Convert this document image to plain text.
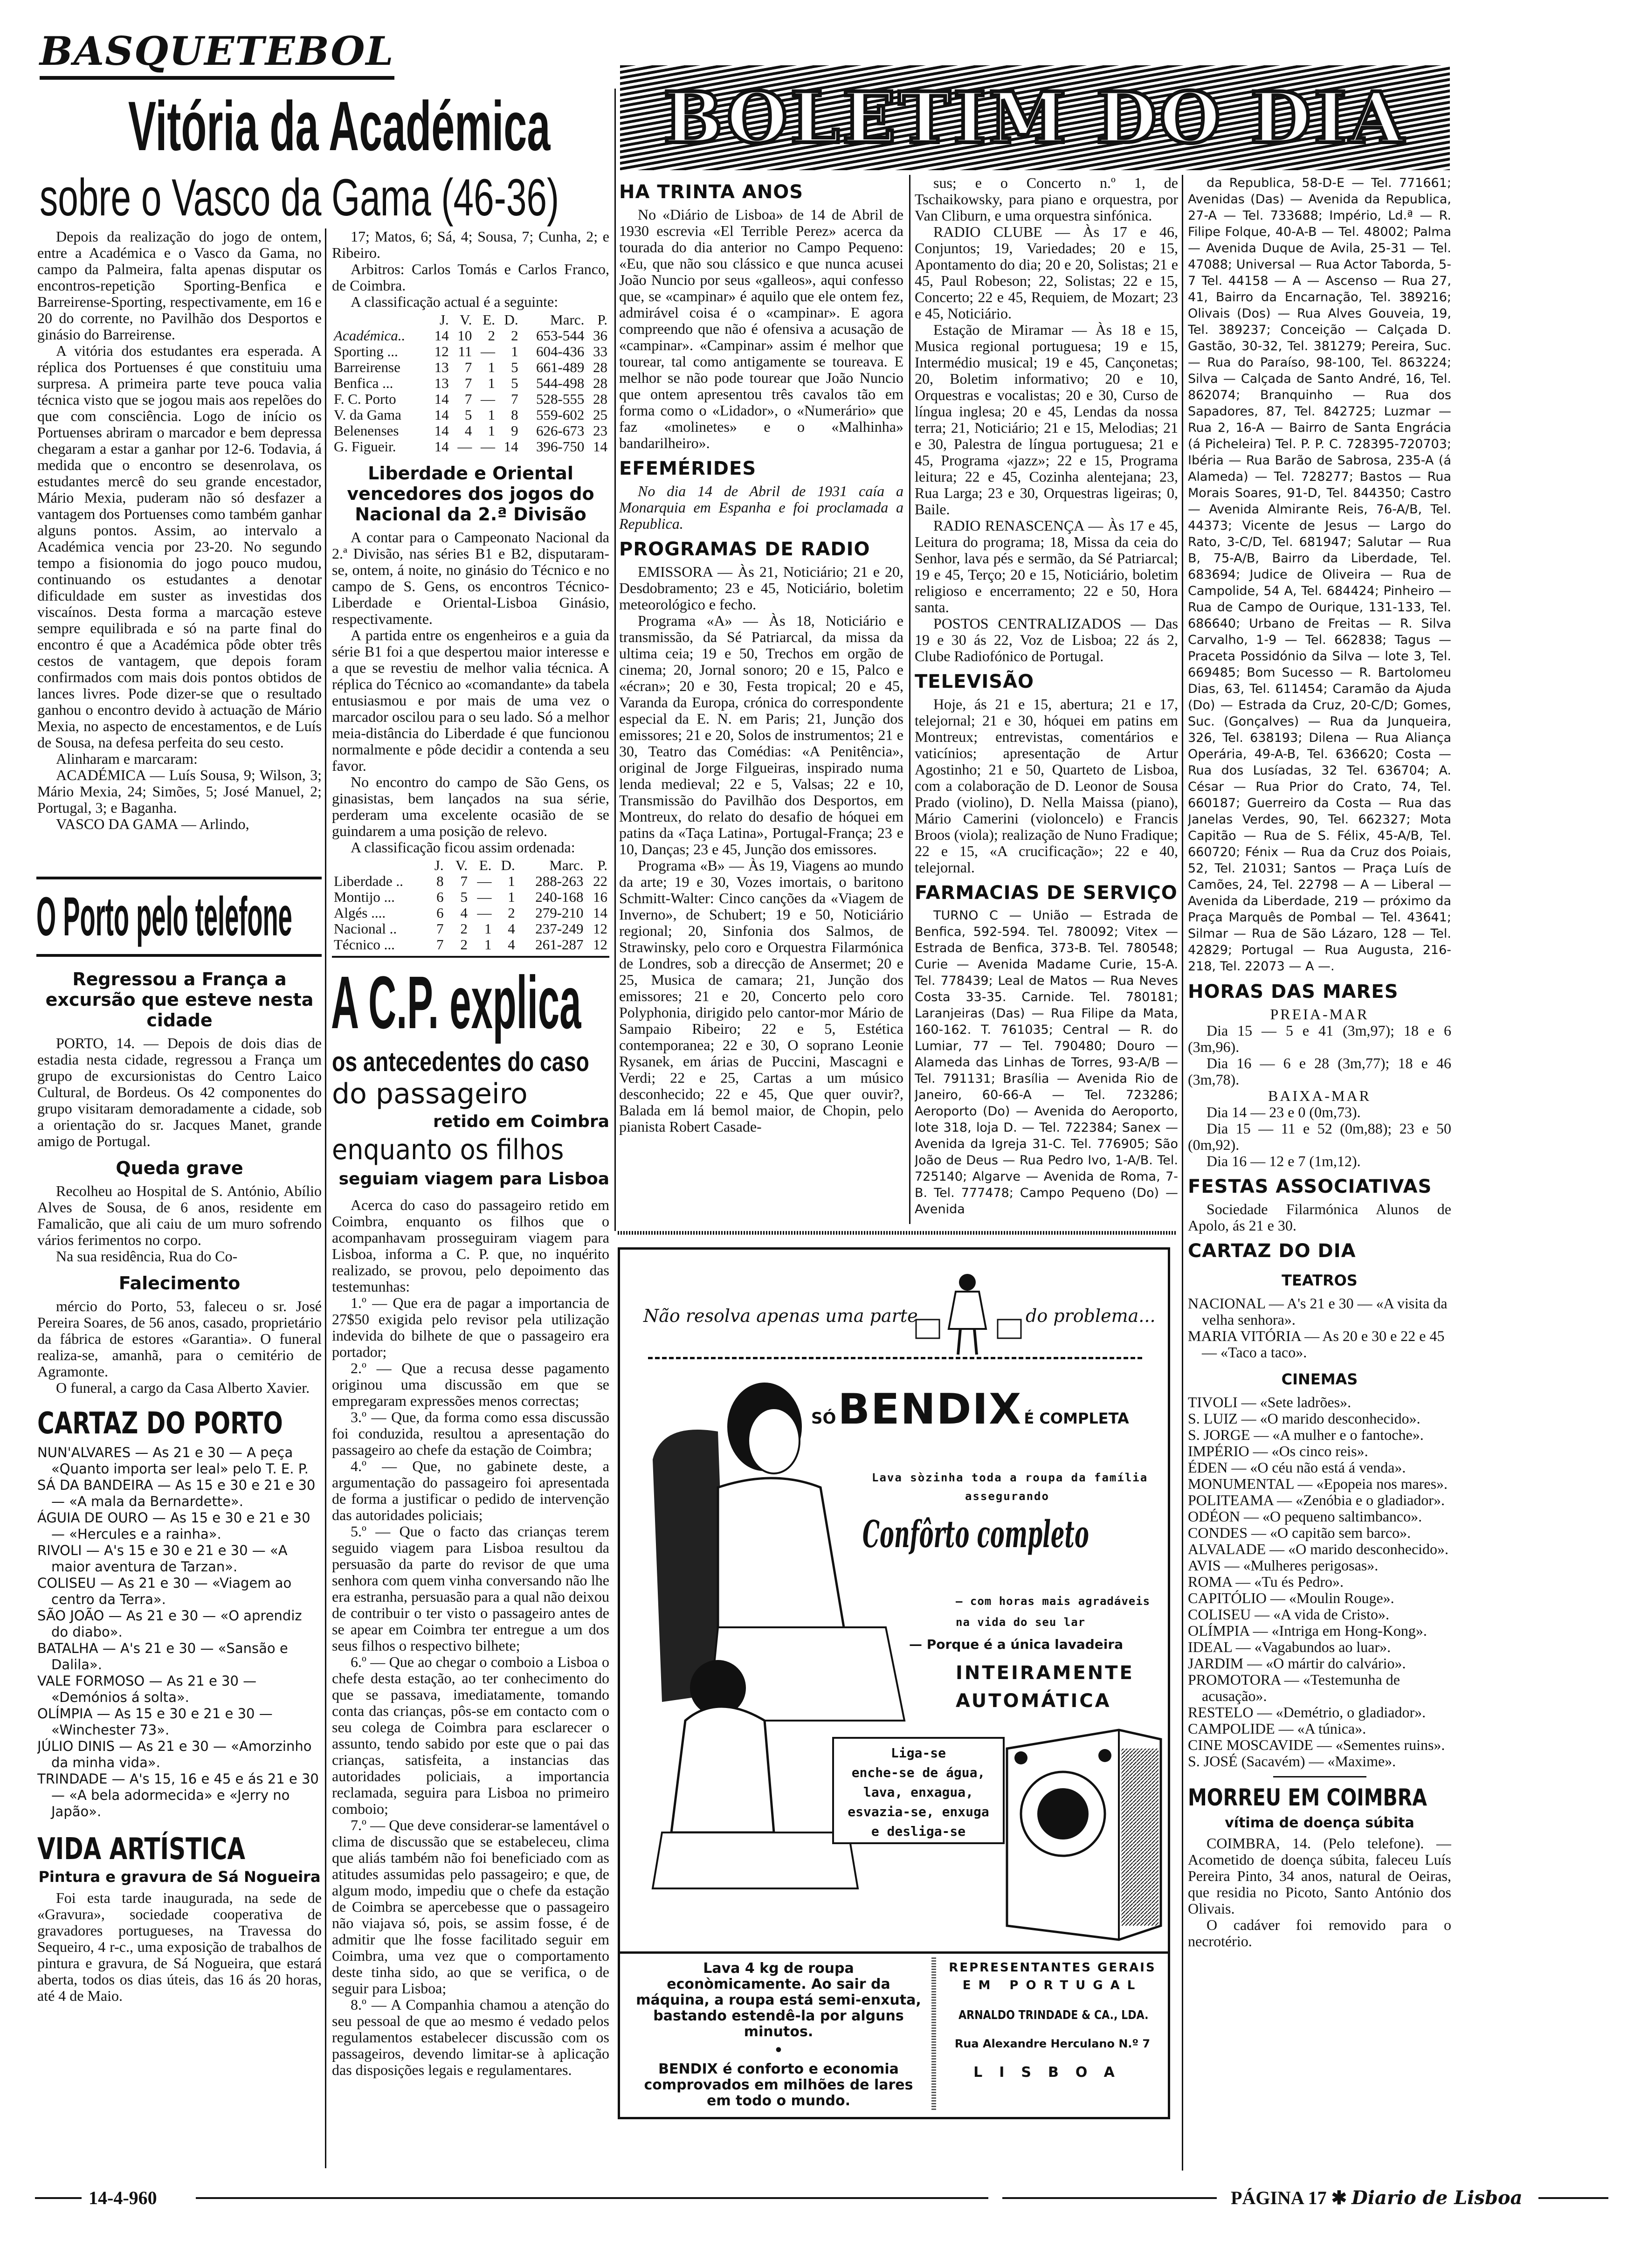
BASQUETEBOL
Vitória da Académica
sobre o Vasco da Gama (46-36)

Depois da realização do jogo de ontem, entre a Académica e o Vasco da Gama, no campo da Palmeira, falta apenas disputar os encontros-repetição Sporting-Benfica e Barreirense-Sporting, respectivamente, em 16 e 20 do corrente, no Pavilhão dos Desportos e ginásio do Barreirense.

A vitória dos estudantes era esperada. A réplica dos Portuenses é que constituiu uma surpresa. A primeira parte teve pouca valia técnica visto que se jogou mais aos repelões do que com consciência. Logo de início os Portuenses abriram o marcador e bem depressa chegaram a estar a ganhar por 12-6. Todavia, á medida que o encontro se desenrolava, os estudantes mercê do seu grande encestador, Mário Mexia, puderam não só desfazer a vantagem dos Portuenses como também ganhar alguns pontos. Assim, ao intervalo a Académica vencia por 23-20. No segundo tempo a fisionomia do jogo pouco mudou, continuando os estudantes a denotar dificuldade em suster as investidas dos viscaínos. Desta forma a marcação esteve sempre equilibrada e só na parte final do encontro é que a Académica pôde obter três cestos de vantagem, que depois foram confirmados com mais dois pontos obtidos de lances livres. Pode dizer-se que o resultado ganhou o encontro devido à actuação de Mário Mexia, no aspecto de encestamentos, e de Luís de Sousa, na defesa perfeita do seu cesto.

Alinharam e marcaram:

ACADÉMICA — Luís Sousa, 9; Wilson, 3; Mário Mexia, 24; Simões, 5; José Manuel, 2; Portugal, 3; e Baganha.

VASCO DA GAMA — Arlindo,

17; Matos, 6; Sá, 4; Sousa, 7; Cunha, 2; e Ribeiro.

Arbitros: Carlos Tomás e Carlos Franco, de Coimbra.

A classificação actual é a seguinte:

	J.	V.	E.	D.	Marc.	P.
Académica..	14	10	2	2	653-544	36
Sporting ...	12	11	—	1	604-436	33
Barreirense	13	7	1	5	661-489	28
Benfica ...	13	7	1	5	544-498	28
F. C. Porto	14	7	—	7	528-555	28
V. da Gama	14	5	1	8	559-602	25
Belenenses	14	4	1	9	626-673	23
G. Figueir.	14	—	—	14	396-750	14
Liberdade e Oriental vencedores dos jogos do Nacional da 2.ª Divisão

A contar para o Campeonato Nacional da 2.ª Divisão, nas séries B1 e B2, disputaram-se, ontem, á noite, no ginásio do Técnico e no campo de S. Gens, os encontros Técnico-Liberdade e Oriental-Lisboa Ginásio, respectivamente.

A partida entre os engenheiros e a guia da série B1 foi a que despertou maior interesse e a que se revestiu de melhor valia técnica. A réplica do Técnico ao «comandante» da tabela entusiasmou e por mais de uma vez o marcador oscilou para o seu lado. Só a melhor meia-distância do Liberdade é que funcionou normalmente e pôde decidir a contenda a seu favor.

No encontro do campo de São Gens, os ginasistas, bem lançados na sua série, perderam uma excelente ocasião de se guindarem a uma posição de relevo.

A classificação ficou assim ordenada:

	J.	V.	E.	D.	Marc.	P.
Liberdade ..	8	7	—	1	288-263	22
Montijo ...	6	5	—	1	240-168	16
Algés ....	6	4	—	2	279-210	14
Nacional ..	7	2	1	4	237-249	12
Técnico ...	7	2	1	4	261-287	12

O Porto pelo telefone
Regressou a França a excursão que esteve nesta cidade

PORTO, 14. — Depois de dois dias de estadia nesta cidade, regressou a França um grupo de excursionistas do Centro Laico Cultural, de Bordeus. Os 42 componentes do grupo visitaram demoradamente a cidade, sob a orientação do sr. Jacques Manet, grande amigo de Portugal.

Queda grave

Recolheu ao Hospital de S. António, Abílio Alves de Sousa, de 6 anos, residente em Famalicão, que ali caiu de um muro sofrendo vários ferimentos no corpo.

Na sua residência, Rua do Co-

Falecimento

mércio do Porto, 53, faleceu o sr. José Pereira Soares, de 56 anos, casado, proprietário da fábrica de estores «Garantia». O funeral realiza-se, amanhã, para o cemitério de Agramonte.

O funeral, a cargo da Casa Alberto Xavier.

CARTAZ DO PORTO

NUN'ALVARES — As 21 e 30 — A peça «Quanto importa ser leal» pelo T. E. P.

SÁ DA BANDEIRA — As 15 e 30 e 21 e 30 — «A mala da Bernardette».

ÁGUIA DE OURO — As 15 e 30 e 21 e 30 — «Hercules e a rainha».

RIVOLI — A's 15 e 30 e 21 e 30 — «A maior aventura de Tarzan».

COLISEU — As 21 e 30 — «Viagem ao centro da Terra».

SÃO JOÃO — As 21 e 30 — «O aprendiz do diabo».

BATALHA — A's 21 e 30 — «Sansão e Dalila».

VALE FORMOSO — As 21 e 30 — «Demónios á solta».

OLÍMPIA — As 15 e 30 e 21 e 30 — «Winchester 73».

JÚLIO DINIS — As 21 e 30 — «Amorzinho da minha vida».

TRINDADE — A's 15, 16 e 45 e ás 21 e 30 — «A bela adormecida» e «Jerry no Japão».

VIDA ARTÍSTICA
Pintura e gravura de Sá Nogueira

Foi esta tarde inaugurada, na sede de «Gravura», sociedade cooperativa de gravadores portugueses, na Travessa do Sequeiro, 4 r-c., uma exposição de trabalhos de pintura e gravura, de Sá Nogueira, que estará aberta, todos os dias úteis, das 16 ás 20 horas, até 4 de Maio.

A C.P. explica
os antecedentes do caso
do passageiro
retido em Coimbra
enquanto os filhos
seguiam viagem para Lisboa

Acerca do caso do passageiro retido em Coimbra, enquanto os filhos que o acompanhavam prosseguiram viagem para Lisboa, informa a C. P. que, no inquérito realizado, se provou, pelo depoimento das testemunhas:

1.º — Que era de pagar a importancia de 27$50 exigida pelo revisor pela utilização indevida do bilhete de que o passageiro era portador;

2.º — Que a recusa desse pagamento originou uma discussão em que se empregaram expressões menos correctas;

3.º — Que, da forma como essa discussão foi conduzida, resultou a apresentação do passageiro ao chefe da estação de Coimbra;

4.º — Que, no gabinete deste, a argumentação do passageiro foi apresentada de forma a justificar o pedido de intervenção das autoridades policiais;

5.º — Que o facto das crianças terem seguido viagem para Lisboa resultou da persuasão da parte do revisor de que uma senhora com quem vinha conversando não lhe era estranha, persuasão para a qual não deixou de contribuir o ter visto o passageiro antes de se apear em Coimbra ter entregue a um dos seus filhos o respectivo bilhete;

6.º — Que ao chegar o comboio a Lisboa o chefe desta estação, ao ter conhecimento do que se passava, imediatamente, tomando conta das crianças, pôs-se em contacto com o seu colega de Coimbra para esclarecer o assunto, tendo sabido por este que o pai das crianças, satisfeita, a instancias das autoridades policiais, a importancia reclamada, seguira para Lisboa no primeiro comboio;

7.º — Que deve considerar-se lamentável o clima de discussão que se estabeleceu, clima que aliás também não foi beneficiado com as atitudes assumidas pelo passageiro; e que, de algum modo, impediu que o chefe da estação de Coimbra se apercebesse que o passageiro não viajava só, pois, se assim fosse, é de admitir que lhe fosse facilitado seguir em Coimbra, uma vez que o comportamento deste tinha sido, ao que se verifica, o de seguir para Lisboa;

8.º — A Companhia chamou a atenção do seu pessoal de que ao mesmo é vedado pelos regulamentos estabelecer discussão com os passageiros, devendo limitar-se à aplicação das disposições legais e regulamentares.

BOLETIM DO DIA
HA TRINTA ANOS

No «Diário de Lisboa» de 14 de Abril de 1930 escrevia «El Terrible Perez» acerca da tourada do dia anterior no Campo Pequeno: «Eu, que não sou clássico e que nunca acusei João Nuncio por seus «galleos», aqui confesso que, se «campinar» é aquilo que ele ontem fez, admirável coisa é o «campinar». E agora compreendo que não é ofensiva a acusação de «campinar». «Campinar» assim é melhor que tourear, tal como antigamente se toureava. E melhor se não pode tourear que João Nuncio que ontem apresentou três cavalos tão em forma como o «Lidador», o «Numerário» que faz «molinetes» e o «Malhinha» bandarilheiro».

EFEMÉRIDES

No dia 14 de Abril de 1931 caía a Monarquia em Espanha e foi proclamada a Republica.

PROGRAMAS DE RADIO

EMISSORA — Às 21, Noticiário; 21 e 20, Desdobramento; 23 e 45, Noticiário, boletim meteorológico e fecho.

Programa «A» — Às 18, Noticiário e transmissão, da Sé Patriarcal, da missa da ultima ceia; 19 e 50, Trechos em orgão de cinema; 20, Jornal sonoro; 20 e 15, Palco e «écran»; 20 e 30, Festa tropical; 20 e 45, Varanda da Europa, crónica do correspondente especial da E. N. em Paris; 21, Junção dos emissores; 21 e 20, Solos de instrumentos; 21 e 30, Teatro das Comédias: «A Penitência», original de Jorge Filgueiras, inspirado numa lenda medieval; 22 e 5, Valsas; 22 e 10, Transmissão do Pavilhão dos Desportos, em Montreux, do relato do desafio de hóquei em patins da «Taça Latina», Portugal-França; 23 e 10, Danças; 23 e 45, Junção dos emissores.

Programa «B» — Às 19, Viagens ao mundo da arte; 19 e 30, Vozes imortais, o baritono Schmitt-Walter: Cinco canções da «Viagem de Inverno», de Schubert; 19 e 50, Noticiário regional; 20, Sinfonia dos Salmos, de Strawinsky, pelo coro e Orquestra Filarmónica de Londres, sob a direcção de Ansermet; 20 e 25, Musica de camara; 21, Junção dos emissores; 21 e 20, Concerto pelo coro Polyphonia, dirigido pelo cantor-mor Mário de Sampaio Ribeiro; 22 e 5, Estética contemporanea; 22 e 30, O soprano Leonie Rysanek, em árias de Puccini, Mascagni e Verdi; 22 e 25, Cartas a um músico desconhecido; 22 e 45, Que quer ouvir?, Balada em lá bemol maior, de Chopin, pelo pianista Robert Casade-

sus; e o Concerto n.º 1, de Tschaikowsky, para piano e orquestra, por Van Cliburn, e uma orquestra sinfónica.

RADIO CLUBE — Às 17 e 46, Conjuntos; 19, Variedades; 20 e 15, Apontamento do dia; 20 e 20, Solistas; 21 e 45, Paul Robeson; 22, Solistas; 22 e 15, Concerto; 22 e 45, Requiem, de Mozart; 23 e 45, Noticiário.

Estação de Miramar — Às 18 e 15, Musica regional portuguesa; 19 e 15, Intermédio musical; 19 e 45, Cançonetas; 20, Boletim informativo; 20 e 10, Orquestras e vocalistas; 20 e 30, Curso de língua inglesa; 20 e 45, Lendas da nossa terra; 21, Noticiário; 21 e 15, Melodias; 21 e 30, Palestra de língua portuguesa; 21 e 45, Programa «jazz»; 22 e 15, Programa leitura; 22 e 45, Cozinha alentejana; 23, Rua Larga; 23 e 30, Orquestras ligeiras; 0, Baile.

RADIO RENASCENÇA — Às 17 e 45, Leitura do programa; 18, Missa da ceia do Senhor, lava pés e sermão, da Sé Patriarcal; 19 e 45, Terço; 20 e 15, Noticiário, boletim religioso e encerramento; 22 e 50, Hora santa.

POSTOS CENTRALIZADOS — Das 19 e 30 ás 22, Voz de Lisboa; 22 ás 2, Clube Radiofónico de Portugal.

TELEVISÃO

Hoje, ás 21 e 15, abertura; 21 e 17, telejornal; 21 e 30, hóquei em patins em Montreux; entrevistas, comentários e vaticínios; apresentação de Artur Agostinho; 21 e 50, Quarteto de Lisboa, com a colaboração de D. Leonor de Sousa Prado (violino), D. Nella Maissa (piano), Mário Camerini (violoncelo) e Francis Broos (viola); realização de Nuno Fradique; 22 e 15, «A crucificação»; 22 e 40, telejornal.

FARMACIAS DE SERVIÇO

TURNO C — União — Estrada de Benfica, 592-594. Tel. 780092; Vitex — Estrada de Benfica, 373-B. Tel. 780548; Curie — Avenida Madame Curie, 15-A. Tel. 778439; Leal de Matos — Rua Neves Costa 33-35. Carnide. Tel. 780181; Laranjeiras (Das) — Rua Filipe da Mata, 160-162. T. 761035; Central — R. do Lumiar, 77 — Tel. 790480; Douro — Alameda das Linhas de Torres, 93-A/B — Tel. 791131; Brasília — Avenida Rio de Janeiro, 60-66-A — Tel. 723286; Aeroporto (Do) — Avenida do Aeroporto, lote 318, loja D. — Tel. 722384; Sanex — Avenida da Igreja 31-C. Tel. 776905; São João de Deus — Rua Pedro Ivo, 1-A/B. Tel. 725140; Algarve — Avenida de Roma, 7-B. Tel. 777478; Campo Pequeno (Do) — Avenida

da Republica, 58-D-E — Tel. 771661; Avenidas (Das) — Avenida da Republica, 27-A — Tel. 733688; Império, Ld.ª — R. Filipe Folque, 40-A-B — Tel. 48002; Palma — Avenida Duque de Avila, 25-31 — Tel. 47088; Universal — Rua Actor Taborda, 5-7 Tel. 44158 — A — Ascenso — Rua 27, 41, Bairro da Encarnação, Tel. 389216; Olivais (Dos) — Rua Alves Gouveia, 19, Tel. 389237; Conceição — Calçada D. Gastão, 30-32, Tel. 381279; Pereira, Suc. — Rua do Paraíso, 98-100, Tel. 863224; Silva — Calçada de Santo André, 16, Tel. 862074; Branquinho — Rua dos Sapadores, 87, Tel. 842725; Luzmar — Rua 2, 16-A — Bairro de Santa Engrácia (á Picheleira) Tel. P. P. C. 728395-720703; Ibéria — Rua Barão de Sabrosa, 235-A (á Alameda) — Tel. 728277; Bastos — Rua Morais Soares, 91-D, Tel. 844350; Castro — Avenida Almirante Reis, 76-A/B, Tel. 44373; Vicente de Jesus — Largo do Rato, 3-C/D, Tel. 681947; Salutar — Rua B, 75-A/B, Bairro da Liberdade, Tel. 683694; Judice de Oliveira — Rua de Campolide, 54 A, Tel. 684424; Pinheiro — Rua de Campo de Ourique, 131-133, Tel. 686640; Urbano de Freitas — R. Silva Carvalho, 1-9 — Tel. 662838; Tagus — Praceta Possidónio da Silva — lote 3, Tel. 669485; Bom Sucesso — R. Bartolomeu Dias, 63, Tel. 611454; Caramão da Ajuda (Do) — Estrada da Cruz, 20-C/D; Gomes, Suc. (Gonçalves) — Rua da Junqueira, 326, Tel. 638193; Dilena — Rua Aliança Operária, 49-A-B, Tel. 636620; Costa — Rua dos Lusíadas, 32 Tel. 636704; A. César — Rua Prior do Crato, 74, Tel. 660187; Guerreiro da Costa — Rua das Janelas Verdes, 90, Tel. 662327; Mota Capitão — Rua de S. Félix, 45-A/B, Tel. 660720; Fénix — Rua da Cruz dos Poiais, 52, Tel. 21031; Santos — Praça Luís de Camões, 24, Tel. 22798 — A — Liberal — Avenida da Liberdade, 219 — próximo da Praça Marquês de Pombal — Tel. 43641; Silmar — Rua de São Lázaro, 128 — Tel. 42829; Portugal — Rua Augusta, 216-218, Tel. 22073 — A —.

HORAS DAS MARES
PREIA-MAR

Dia 15 — 5 e 41 (3m,97); 18 e 6 (3m,96).

Dia 16 — 6 e 28 (3m,77); 18 e 46 (3m,78).

BAIXA-MAR

Dia 14 — 23 e 0 (0m,73).

Dia 15 — 11 e 52 (0m,88); 23 e 50 (0m,92).

Dia 16 — 12 e 7 (1m,12).

FESTAS ASSOCIATIVAS

Sociedade Filarmónica Alunos de Apolo, ás 21 e 30.

CARTAZ DO DIA
TEATROS

NACIONAL — A's 21 e 30 — «A visita da velha senhora».

MARIA VITÓRIA — As 20 e 30 e 22 e 45 — «Taco a taco».

CINEMAS

TIVOLI — «Sete ladrões».

S. LUIZ — «O marido desconhecido».

S. JORGE — «A mulher e o fantoche».

IMPÉRIO — «Os cinco reis».

ÉDEN — «O céu não está á venda».

MONUMENTAL — «Epopeia nos mares».

POLITEAMA — «Zenóbia e o gladiador».

ODÉON — «O pequeno saltimbanco».

CONDES — «O capitão sem barco».

ALVALADE — «O marido desconhecido».

AVIS — «Mulheres perigosas».

ROMA — «Tu és Pedro».

CAPITÓLIO — «Moulin Rouge».

COLISEU — «A vida de Cristo».

OLÍMPIA — «Intriga em Hong-Kong».

IDEAL — «Vagabundos ao luar».

JARDIM — «O mártir do calvário».

PROMOTORA — «Testemunha de acusação».

RESTELO — «Demétrio, o gladiador».

CAMPOLIDE — «A túnica».

CINE MOSCAVIDE — «Sementes ruins».

S. JOSÉ (Sacavém) — «Maxime».

MORREU EM COIMBRA
vítima de doença súbita

COIMBRA, 14. (Pelo telefone). — Acometido de doença súbita, faleceu Luís Pereira Pinto, 34 anos, natural de Oeiras, que residia no Picoto, Santo António dos Olivais.

O cadáver foi removido para o necrotério.

Não resolva apenas uma parte	do problema...
SÓ BENDIX É COMPLETA
Lava sòzinha toda a roupa da família
assegurando
Confôrto completo
— com horas mais agradáveis
na vida do seu lar
— Porque é a única lavadeira
INTEIRAMENTE
AUTOMÁTICA
Liga-se
enche-se de água,
lava, enxagua,
esvazia-se, enxuga
e desliga-se
Lava 4 kg de roupa econòmicamente. Ao sair da máquina, a roupa está semi-enxuta, bastando estendê-la por alguns minutos.
•
BENDIX é conforto e economia comprovados em milhões de lares em todo o mundo.
REPRESENTANTES GERAIS
EM PORTUGAL
ARNALDO TRINDADE & CA., LDA.
Rua Alexandre Herculano N.º 7
LISBOA
14-4-960	PÁGINA 17 ✱ Diario de Lisboa
